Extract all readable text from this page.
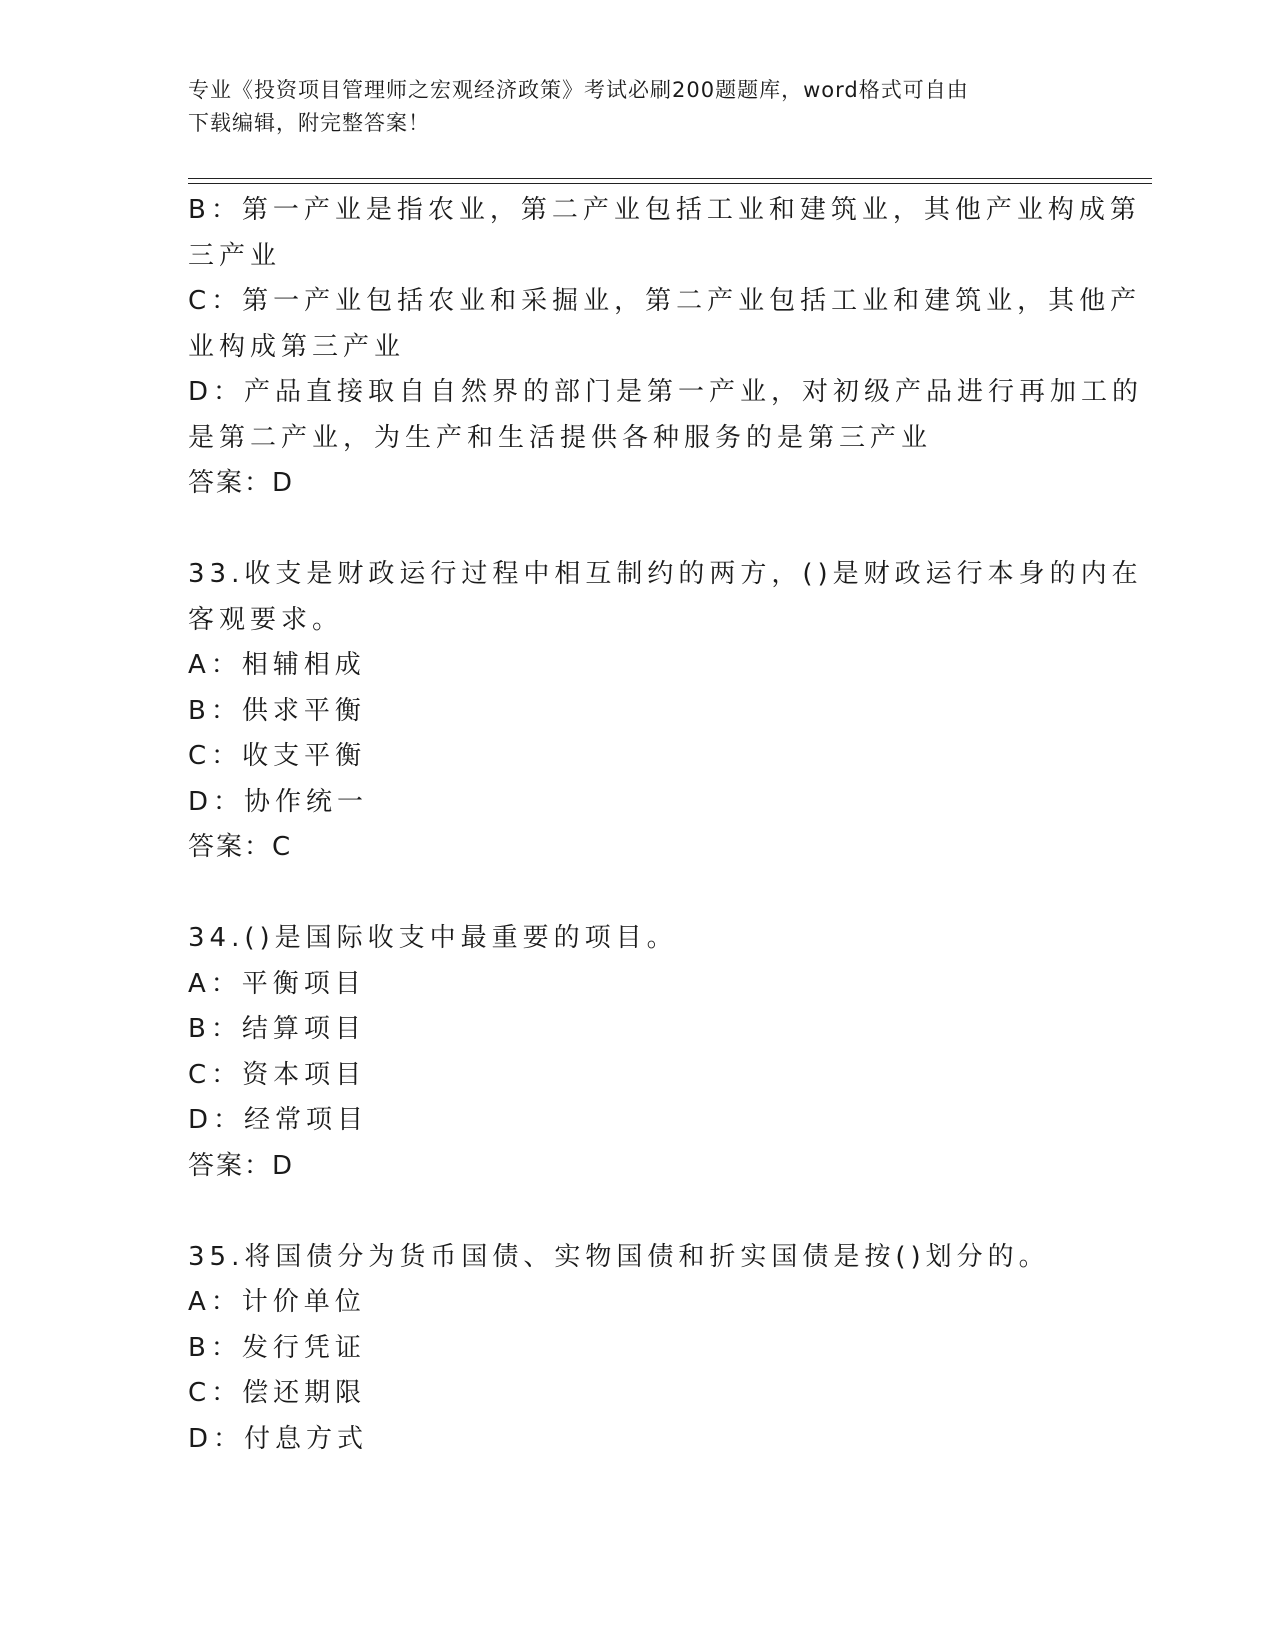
专业《投资项目管理师之宏观经济政策》考试必刷200题题库，word格式可自由
下载编辑，附完整答案！
B：第一产业是指农业，第二产业包括工业和建筑业，其他产业构成第
三产业
C：第一产业包括农业和采掘业，第二产业包括工业和建筑业，其他产
业构成第三产业
D：产品直接取自自然界的部门是第一产业，对初级产品进行再加工的
是第二产业，为生产和生活提供各种服务的是第三产业
答案：D
33.收支是财政运行过程中相互制约的两方，()是财政运行本身的内在
客观要求。
A：相辅相成
B：供求平衡
C：收支平衡
D：协作统一
答案：C
34.()是国际收支中最重要的项目。
A：平衡项目
B：结算项目
C：资本项目
D：经常项目
答案：D
35.将国债分为货币国债、实物国债和折实国债是按()划分的。
A：计价单位
B：发行凭证
C：偿还期限
D：付息方式
